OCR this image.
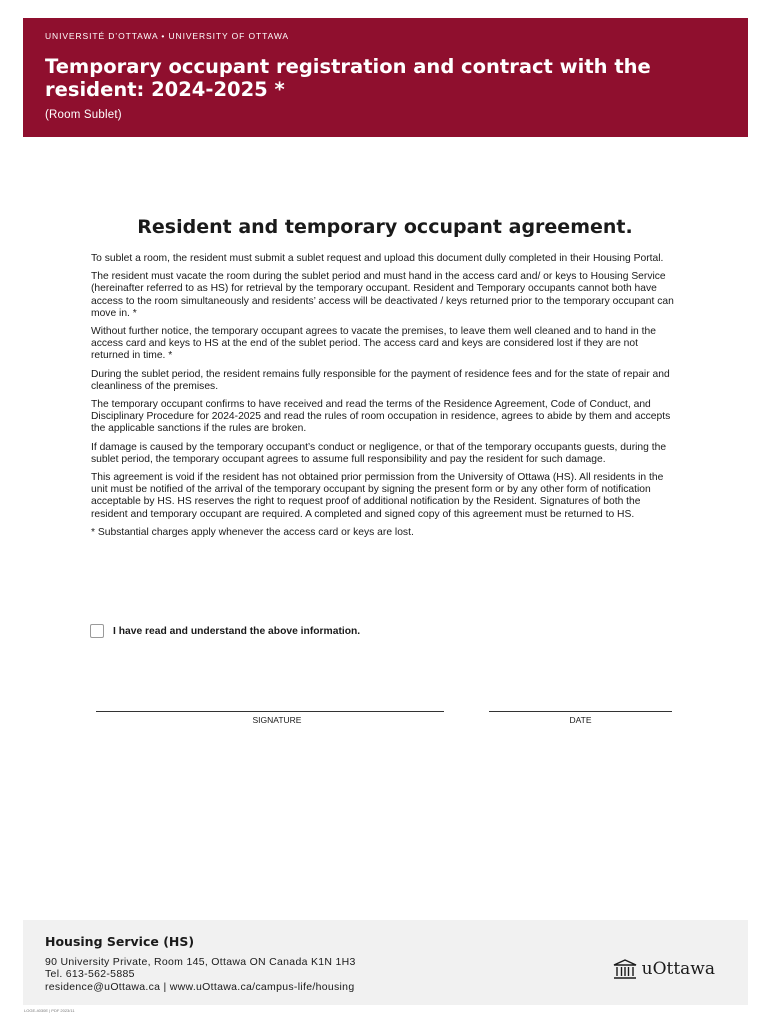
UNIVERSITÉ D’OTTAWA • UNIVERSITY OF OTTAWA
Temporary occupant registration and contract with the resident: 2024-2025 *
(Room Sublet)
Resident and temporary occupant agreement.

To sublet a room, the resident must submit a sublet request and upload this document dully completed in their Housing Portal.

The resident must vacate the room during the sublet period and must hand in the access card and/ or keys to Housing Service (hereinafter referred to as HS) for retrieval by the temporary occupant. Resident and Temporary occupants cannot both have access to the room simultaneously and residents’ access will be deactivated / keys returned prior to the temporary occupant can move in. *

Without further notice, the temporary occupant agrees to vacate the premises, to leave them well cleaned and to hand in the access card and keys to HS at the end of the sublet period. The access card and keys are considered lost if they are not returned in time. *

During the sublet period, the resident remains fully responsible for the payment of residence fees and for the state of repair and cleanliness of the premises.

The temporary occupant confirms to have received and read the terms of the Residence Agreement, Code of Conduct, and Disciplinary Procedure for 2024-2025 and read the rules of room occupation in residence, agrees to abide by them and accepts the applicable sanctions if the rules are broken.

If damage is caused by the temporary occupant’s conduct or negligence, or that of the temporary occupants guests, during the sublet period, the temporary occupant agrees to assume full responsibility and pay the resident for such damage.

This agreement is void if the resident has not obtained prior permission from the University of Ottawa (HS). All residents in the unit must be notified of the arrival of the temporary occupant by signing the present form or by any other form of notification acceptable by HS. HS reserves the right to request proof of additional notification by the Resident. Signatures of both the resident and temporary occupant are required. A completed and signed copy of this agreement must be returned to HS.

* Substantial charges apply whenever the access card or keys are lost.

I have read and understand the above information.
SIGNATURE	DATE
Housing Service (HS)
90 University Private, Room 145, Ottawa ON Canada K1N 1H3
Tel. 613-562-5885
residence@uOttawa.ca | www.uOttawa.ca/campus-life/housing
uOttawa
LOGE-4030E | PDF 2023/11
